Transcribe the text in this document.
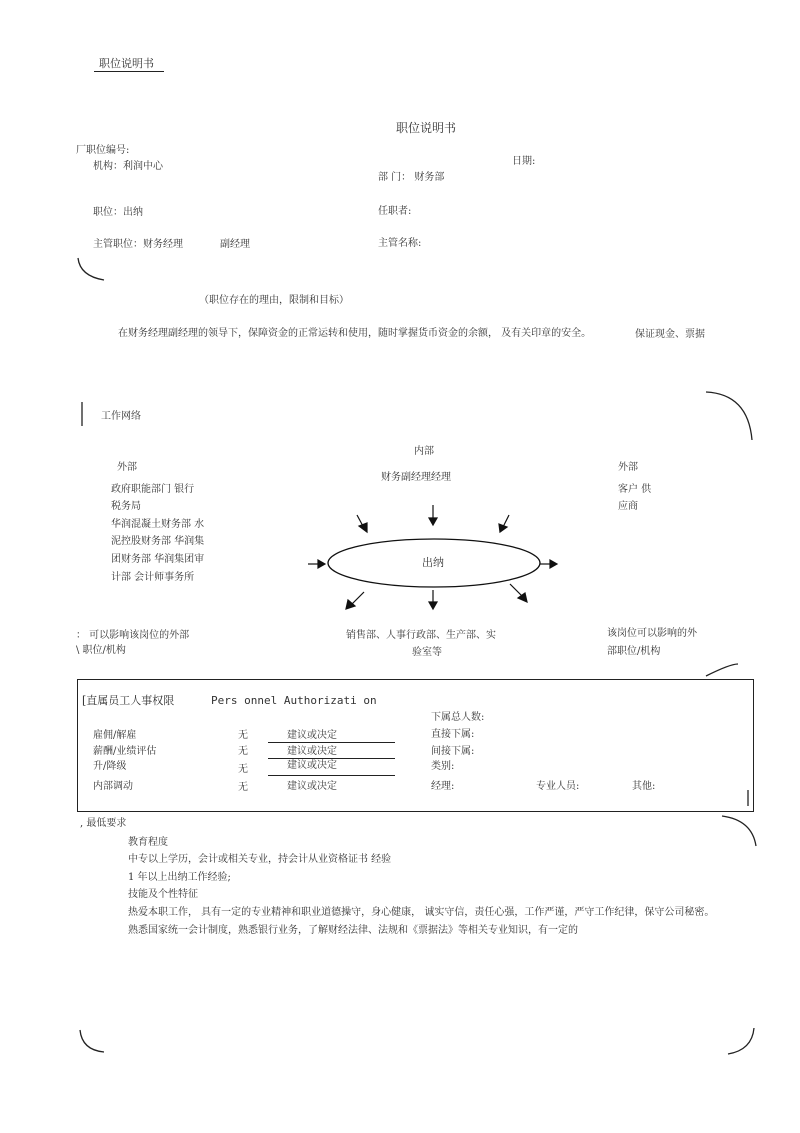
职位说明书
职位说明书
厂职位编号:
日期:
机构：利润中心
部 门： 财务部
职位：出纳	任职者:
主管职位：财务经理	副经理	主管名称:
（职位存在的理由，限制和目标）
在财务经理副经理的领导下，保障资金的正常运转和使用，随时掌握货币资金的余额， 及有关印章的安全。	保证现金、票据
工作网络
内部
财务副经理经理
外部
政府职能部门 银行
税务局
华润混凝土财务部 水
泥控股财务部 华润集
团财务部 华润集团审
计部 会计师事务所
外部
客户 供
应商
出纳
销售部、人事行政部、生产部、实
验室等
： 可以影响该岗位的外部
\ 职位/机构
该岗位可以影响的外
部职位/机构
[直属员工人事权限	Pers onnel Authorizati on
下属总人数:
直接下属:
间接下属:
类别:
经理:	专业人员:	其他:
雇佣/解雇	无	建议或决定
薪酬/业绩评估	无	建议或决定
升/降级	无	建议或决定
内部调动	无	建议或决定
, 最低要求
教育程度
中专以上学历，会计或相关专业，持会计从业资格证书 经验
1 年以上出纳工作经验;
技能及个性特征
热爱本职工作， 具有一定的专业精神和职业道德操守，身心健康， 诚实守信，责任心强，工作严谨，严守工作纪律，保守公司秘密。
熟悉国家统一会计制度，熟悉银行业务，了解财经法律、法规和《票据法》等相关专业知识，有一定的
